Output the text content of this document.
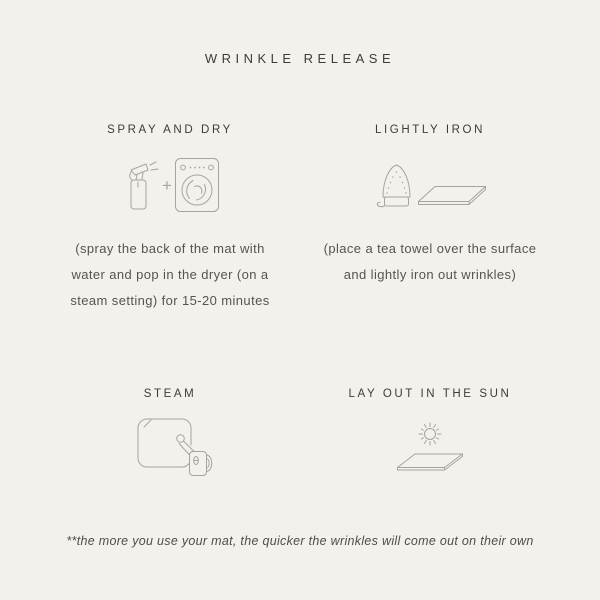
WRINKLE RELEASE
SPRAY AND DRY
+
(spray the back of the mat with
water and pop in the dryer (on a
steam setting) for 15-20 minutes
LIGHTLY IRON
(place a tea towel over the surface
and lightly iron out wrinkles)
STEAM	LAY OUT IN THE SUN
**the more you use your mat, the quicker the wrinkles will come out on their own
